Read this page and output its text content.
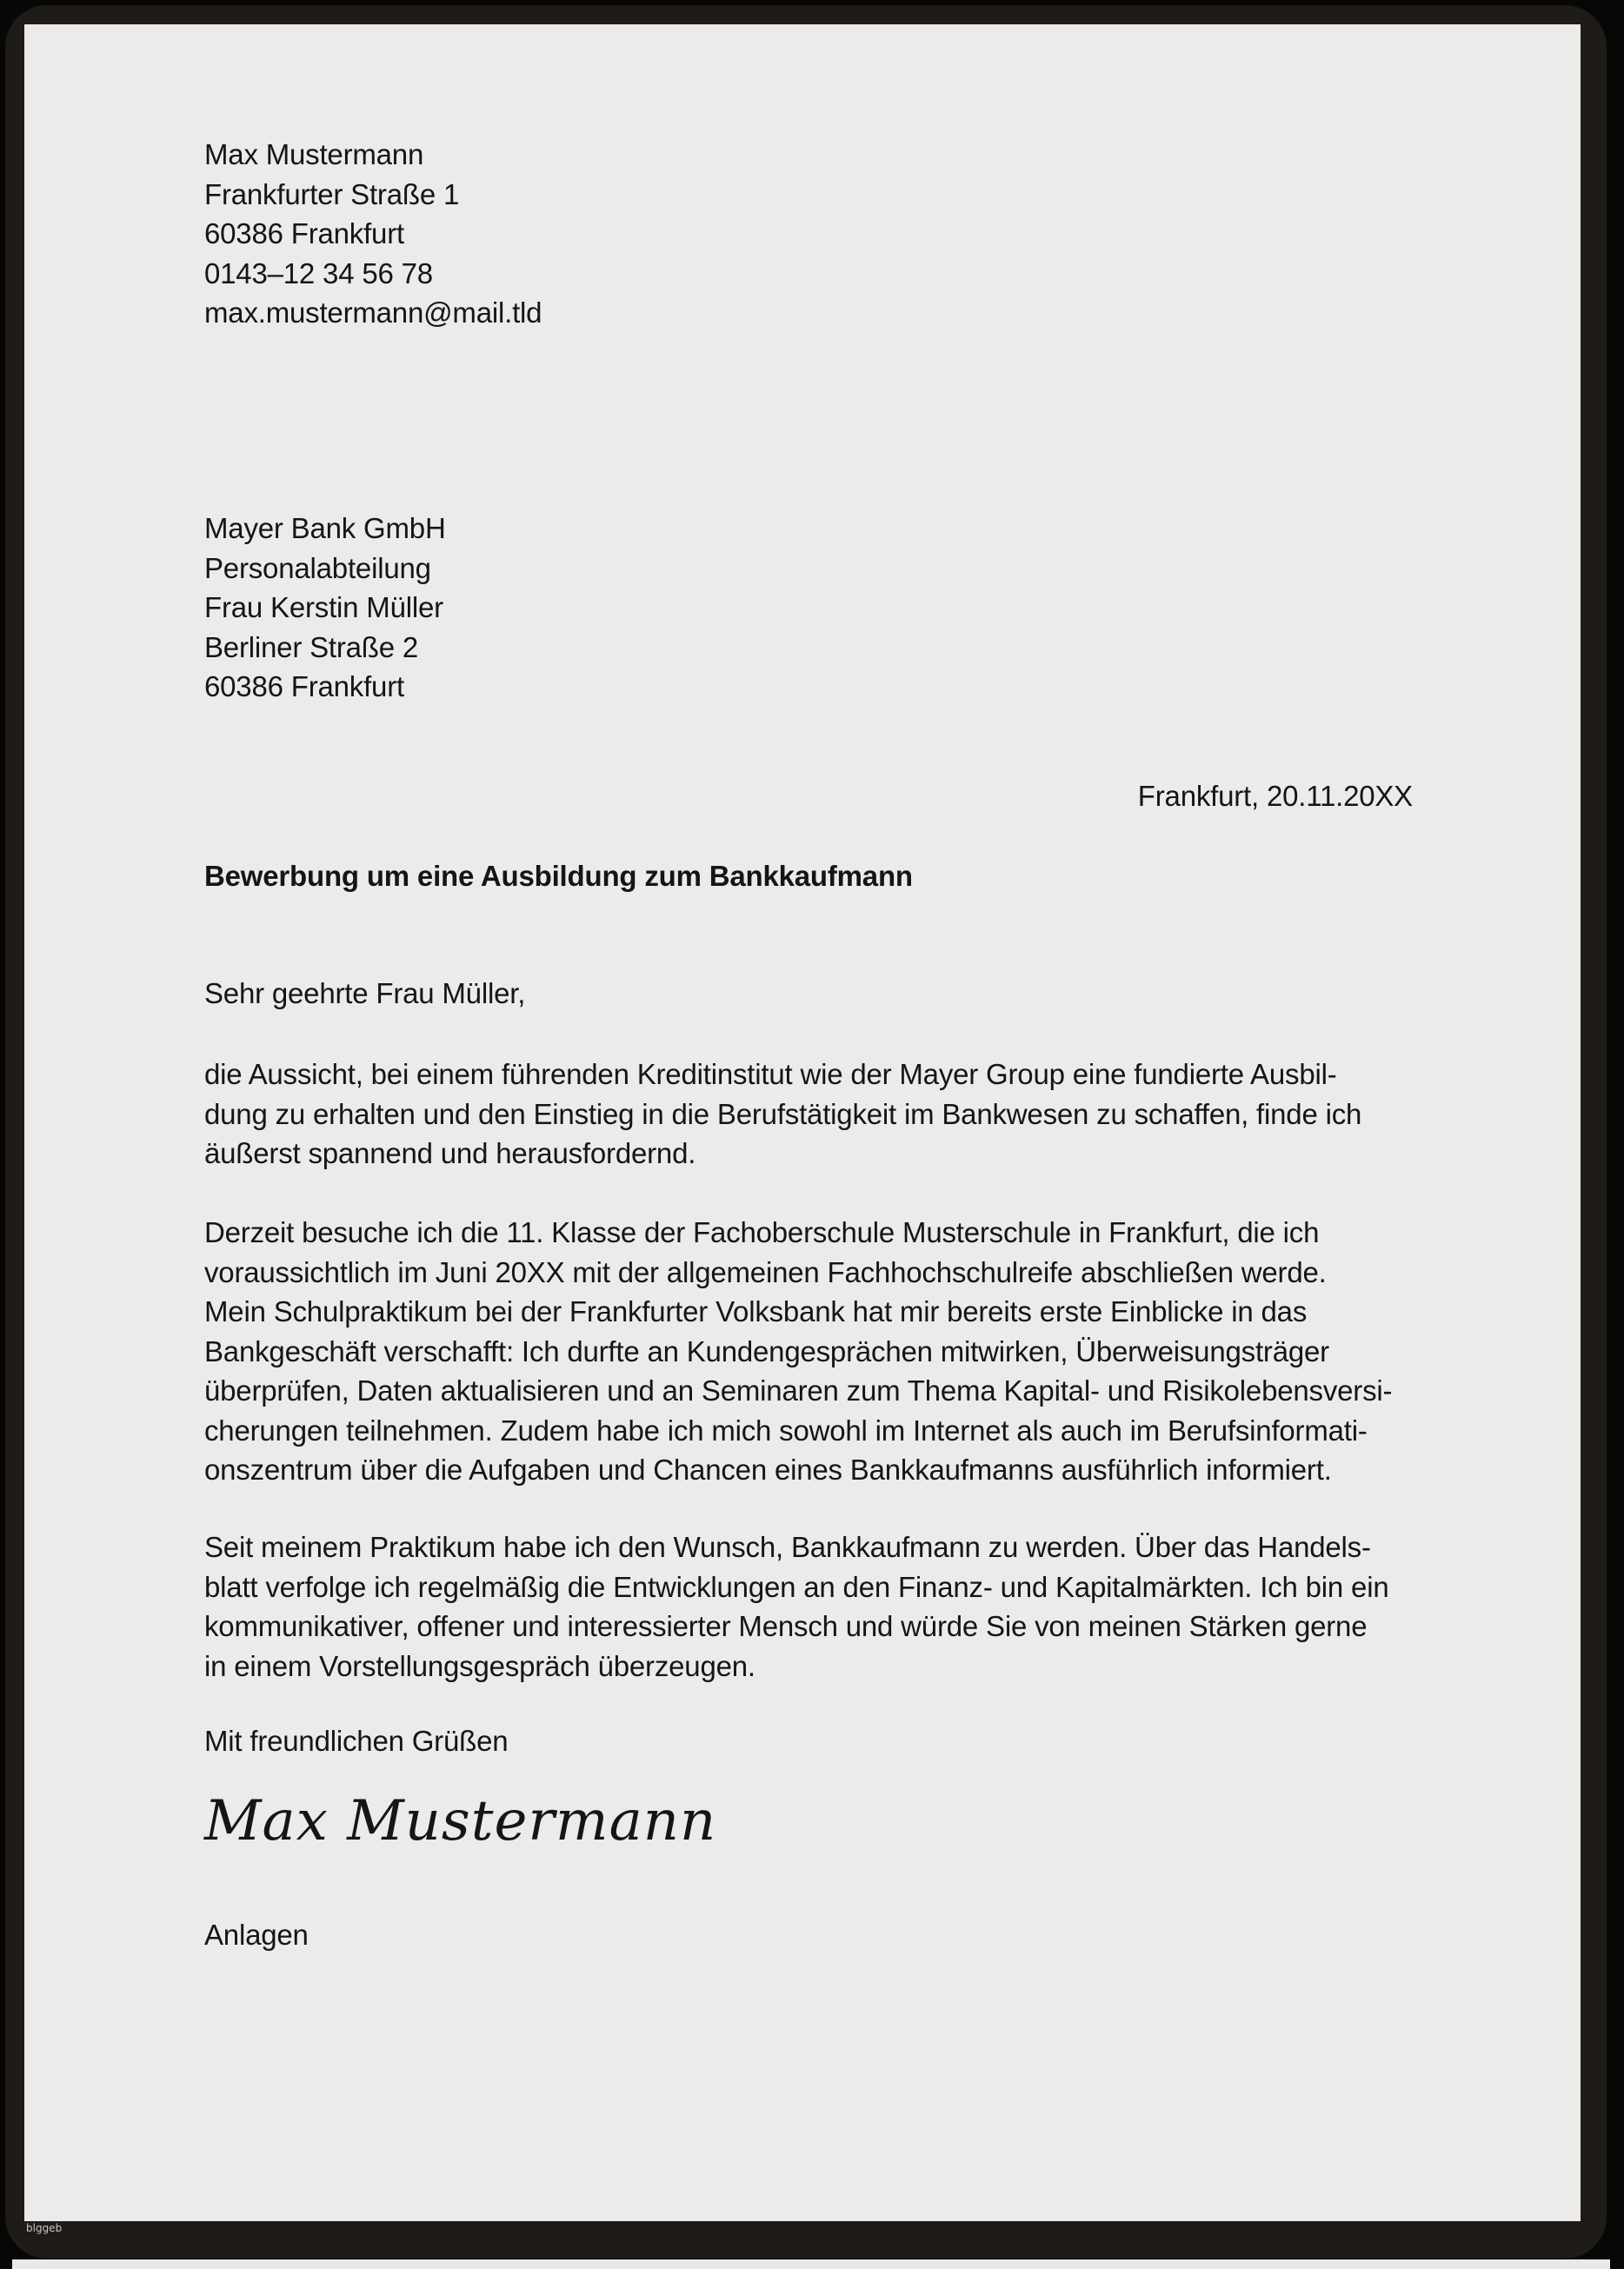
blggeb
Max Mustermann
Frankfurter Straße 1
60386 Frankfurt
0143–12 34 56 78
max.mustermann@mail.tld
Mayer Bank GmbH
Personalabteilung
Frau Kerstin Müller
Berliner Straße 2
60386 Frankfurt
Frankfurt, 20.11.20XX
Bewerbung um eine Ausbildung zum Bankkaufmann
Sehr geehrte Frau Müller,
die Aussicht, bei einem führenden Kreditinstitut wie der Mayer Group eine fundierte Ausbil-
dung zu erhalten und den Einstieg in die Berufstätigkeit im Bankwesen zu schaffen, finde ich
äußerst spannend und herausfordernd.
Derzeit besuche ich die 11. Klasse der Fachoberschule Musterschule in Frankfurt, die ich
voraussichtlich im Juni 20XX mit der allgemeinen Fachhochschulreife abschließen werde.
Mein Schulpraktikum bei der Frankfurter Volksbank hat mir bereits erste Einblicke in das
Bankgeschäft verschafft: Ich durfte an Kundengesprächen mitwirken, Überweisungsträger
überprüfen, Daten aktualisieren und an Seminaren zum Thema Kapital- und Risikolebensversi-
cherungen teilnehmen. Zudem habe ich mich sowohl im Internet als auch im Berufsinformati-
onszentrum über die Aufgaben und Chancen eines Bankkaufmanns ausführlich informiert.
Seit meinem Praktikum habe ich den Wunsch, Bankkaufmann zu werden. Über das Handels-
blatt verfolge ich regelmäßig die Entwicklungen an den Finanz- und Kapitalmärkten. Ich bin ein
kommunikativer, offener und interessierter Mensch und würde Sie von meinen Stärken gerne
in einem Vorstellungsgespräch überzeugen.
Mit freundlichen Grüßen
Max Mustermann
Anlagen
